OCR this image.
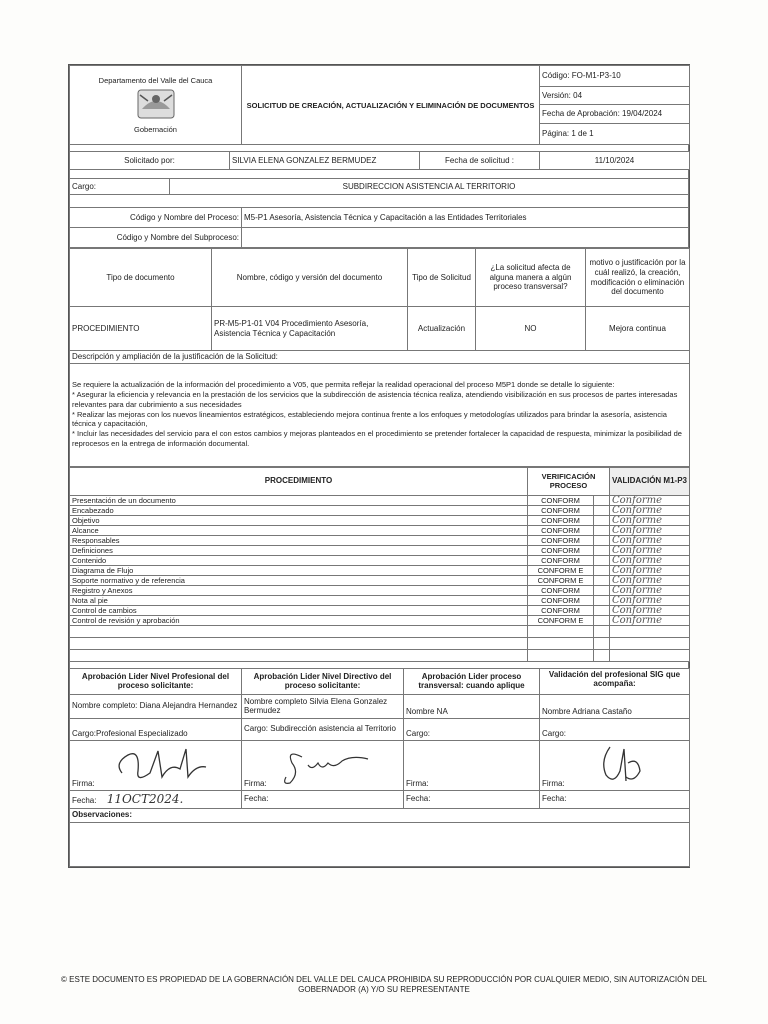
Departamento del Valle del Cauca
Gobernación
	SOLICITUD DE CREACIÓN, ACTUALIZACIÓN Y ELIMINACIÓN DE DOCUMENTOS	Código: FO-M1-P3-10
Versión: 04
Fecha de Aprobación: 19/04/2024
Página: 1 de 1
Solicitado por:	SILVIA ELENA GONZALEZ BERMUDEZ	Fecha de solicitud :	11/10/2024
Cargo:	SUBDIRECCION ASISTENCIA AL TERRITORIO
Código y Nombre del Proceso:	M5-P1 Asesoría, Asistencia Técnica y Capacitación a las Entidades Territoriales
Código y Nombre del Subproceso:	
Tipo de documento	Nombre, código y versión del documento	Tipo de Solicitud	¿La solicitud afecta de alguna manera a algún proceso transversal?	motivo o justificación por la cuál realizó, la creación, modificación o eliminación del documento
PROCEDIMIENTO	PR-M5-P1-01 V04 Procedimiento Asesoría, Asistencia Técnica y Capacitación	Actualización	NO	Mejora continua
Descripción y ampliación de la justificación de la Solicitud:				

Se requiere la actualización de la información del procedimiento a V05, que permita reflejar la realidad operacional del proceso M5P1 donde se detalle lo siguiente:
* Asegurar la eficiencia y relevancia en la prestación de los servicios que la subdirección de asistencia técnica realiza, atendiendo visibilización en sus procesos de partes interesadas relevantes para dar cubrimiento a sus necesidades
* Realizar las mejoras con los nuevos lineamientos estratégicos, estableciendo mejora continua frente a los enfoques y metodologías utilizados para brindar la asesoría, asistencia técnica y capacitación,
* Incluir las necesidades del servicio para el con estos cambios y mejoras planteados en el procedimiento se pretender fortalecer la capacidad de respuesta, minimizar la posibilidad de reprocesos en la entrega de información documental.				
PROCEDIMIENTO	VERIFICACIÓN PROCESO		VALIDACIÓN M1-P3
Presentación de un documento	CONFORM		Conforme
Encabezado	CONFORM		Conforme
Objetivo	CONFORM		Conforme
Alcance	CONFORM		Conforme
Responsables	CONFORM		Conforme
Definiciones	CONFORM		Conforme
Contenido	CONFORM		Conforme
Diagrama de Flujo	CONFORM E		Conforme
Soporte normativo y de referencia	CONFORM E		Conforme
Registro y Anexos	CONFORM		Conforme
Nota al pie	CONFORM		Conforme
Control de cambios	CONFORM		Conforme
Control de revisión y aprobación	CONFORM E		Conforme

Aprobación Lider Nivel Profesional del proceso solicitante:	Aprobación Lider Nivel Directivo del proceso solicitante:	Aprobación Lider proceso transversal: cuando aplique	Validación del profesional SIG que acompaña:
Nombre completo: Diana Alejandra Hernandez	Nombre completo Silvia Elena Gonzalez Bermudez	Nombre NA	Nombre Adriana Castaño
Cargo:Profesional Especializado	Cargo: Subdirección asistencia al Territorio	Cargo:	Cargo:

Firma:	Firma:	Firma:	Firma:
Fecha: 11OCT2024.	Fecha:	Fecha:	Fecha:
Observaciones:			

© ESTE DOCUMENTO ES PROPIEDAD DE LA GOBERNACIÓN DEL VALLE DEL CAUCA PROHIBIDA SU REPRODUCCIÓN POR CUALQUIER MEDIO, SIN AUTORIZACIÓN DEL
GOBERNADOR (A) Y/O SU REPRESENTANTE
